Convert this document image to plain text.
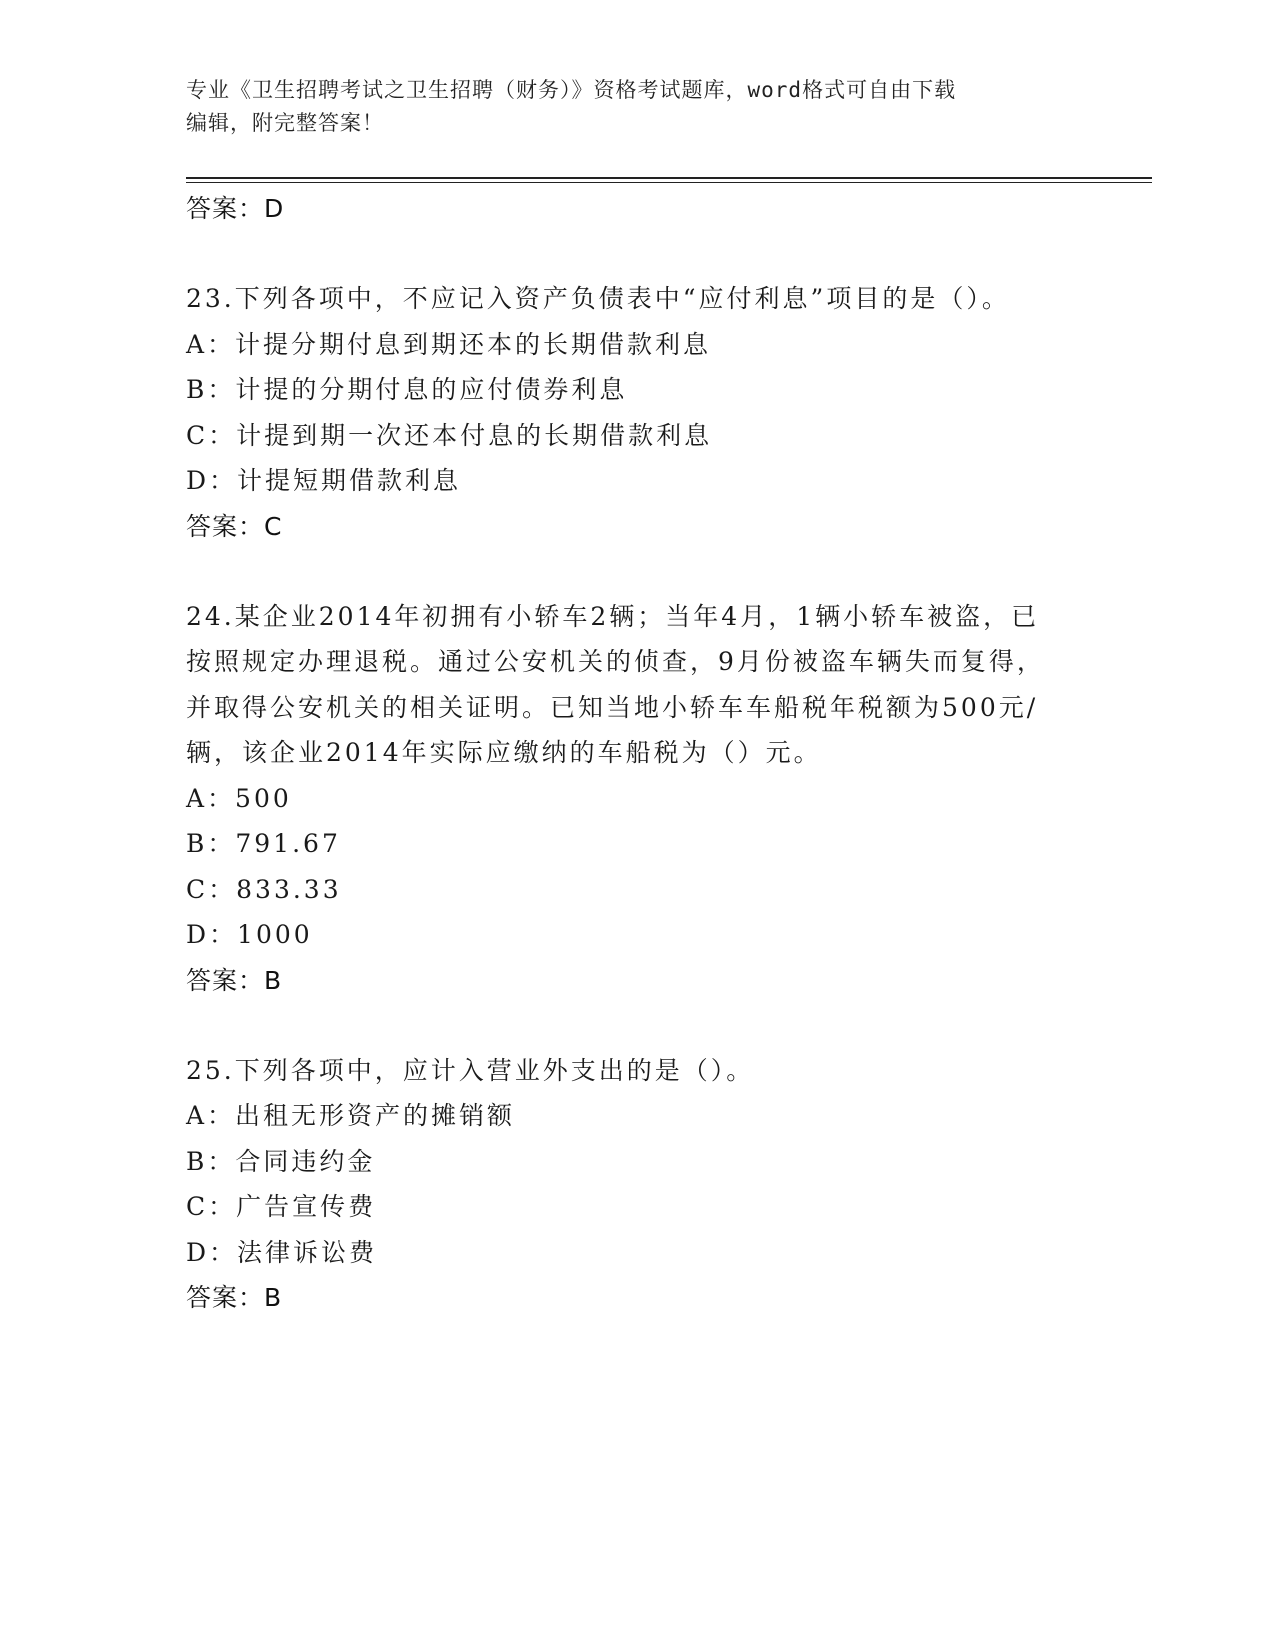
专业《卫生招聘考试之卫生招聘（财务）》资格考试题库，word格式可自由下载
编辑，附完整答案！
答案：D
23.下列各项中，不应记入资产负债表中“应付利息”项目的是（）。
A：计提分期付息到期还本的长期借款利息
B：计提的分期付息的应付债券利息
C：计提到期一次还本付息的长期借款利息
D：计提短期借款利息
答案：C
24.某企业2014年初拥有小轿车2辆；当年4月，1辆小轿车被盗，已
按照规定办理退税。通过公安机关的侦查，9月份被盗车辆失而复得，
并取得公安机关的相关证明。已知当地小轿车车船税年税额为500元/
辆，该企业2014年实际应缴纳的车船税为（）元。
A：500
B：791.67
C：833.33
D：1000
答案：B
25.下列各项中，应计入营业外支出的是（）。
A：出租无形资产的摊销额
B：合同违约金
C：广告宣传费
D：法律诉讼费
答案：B
